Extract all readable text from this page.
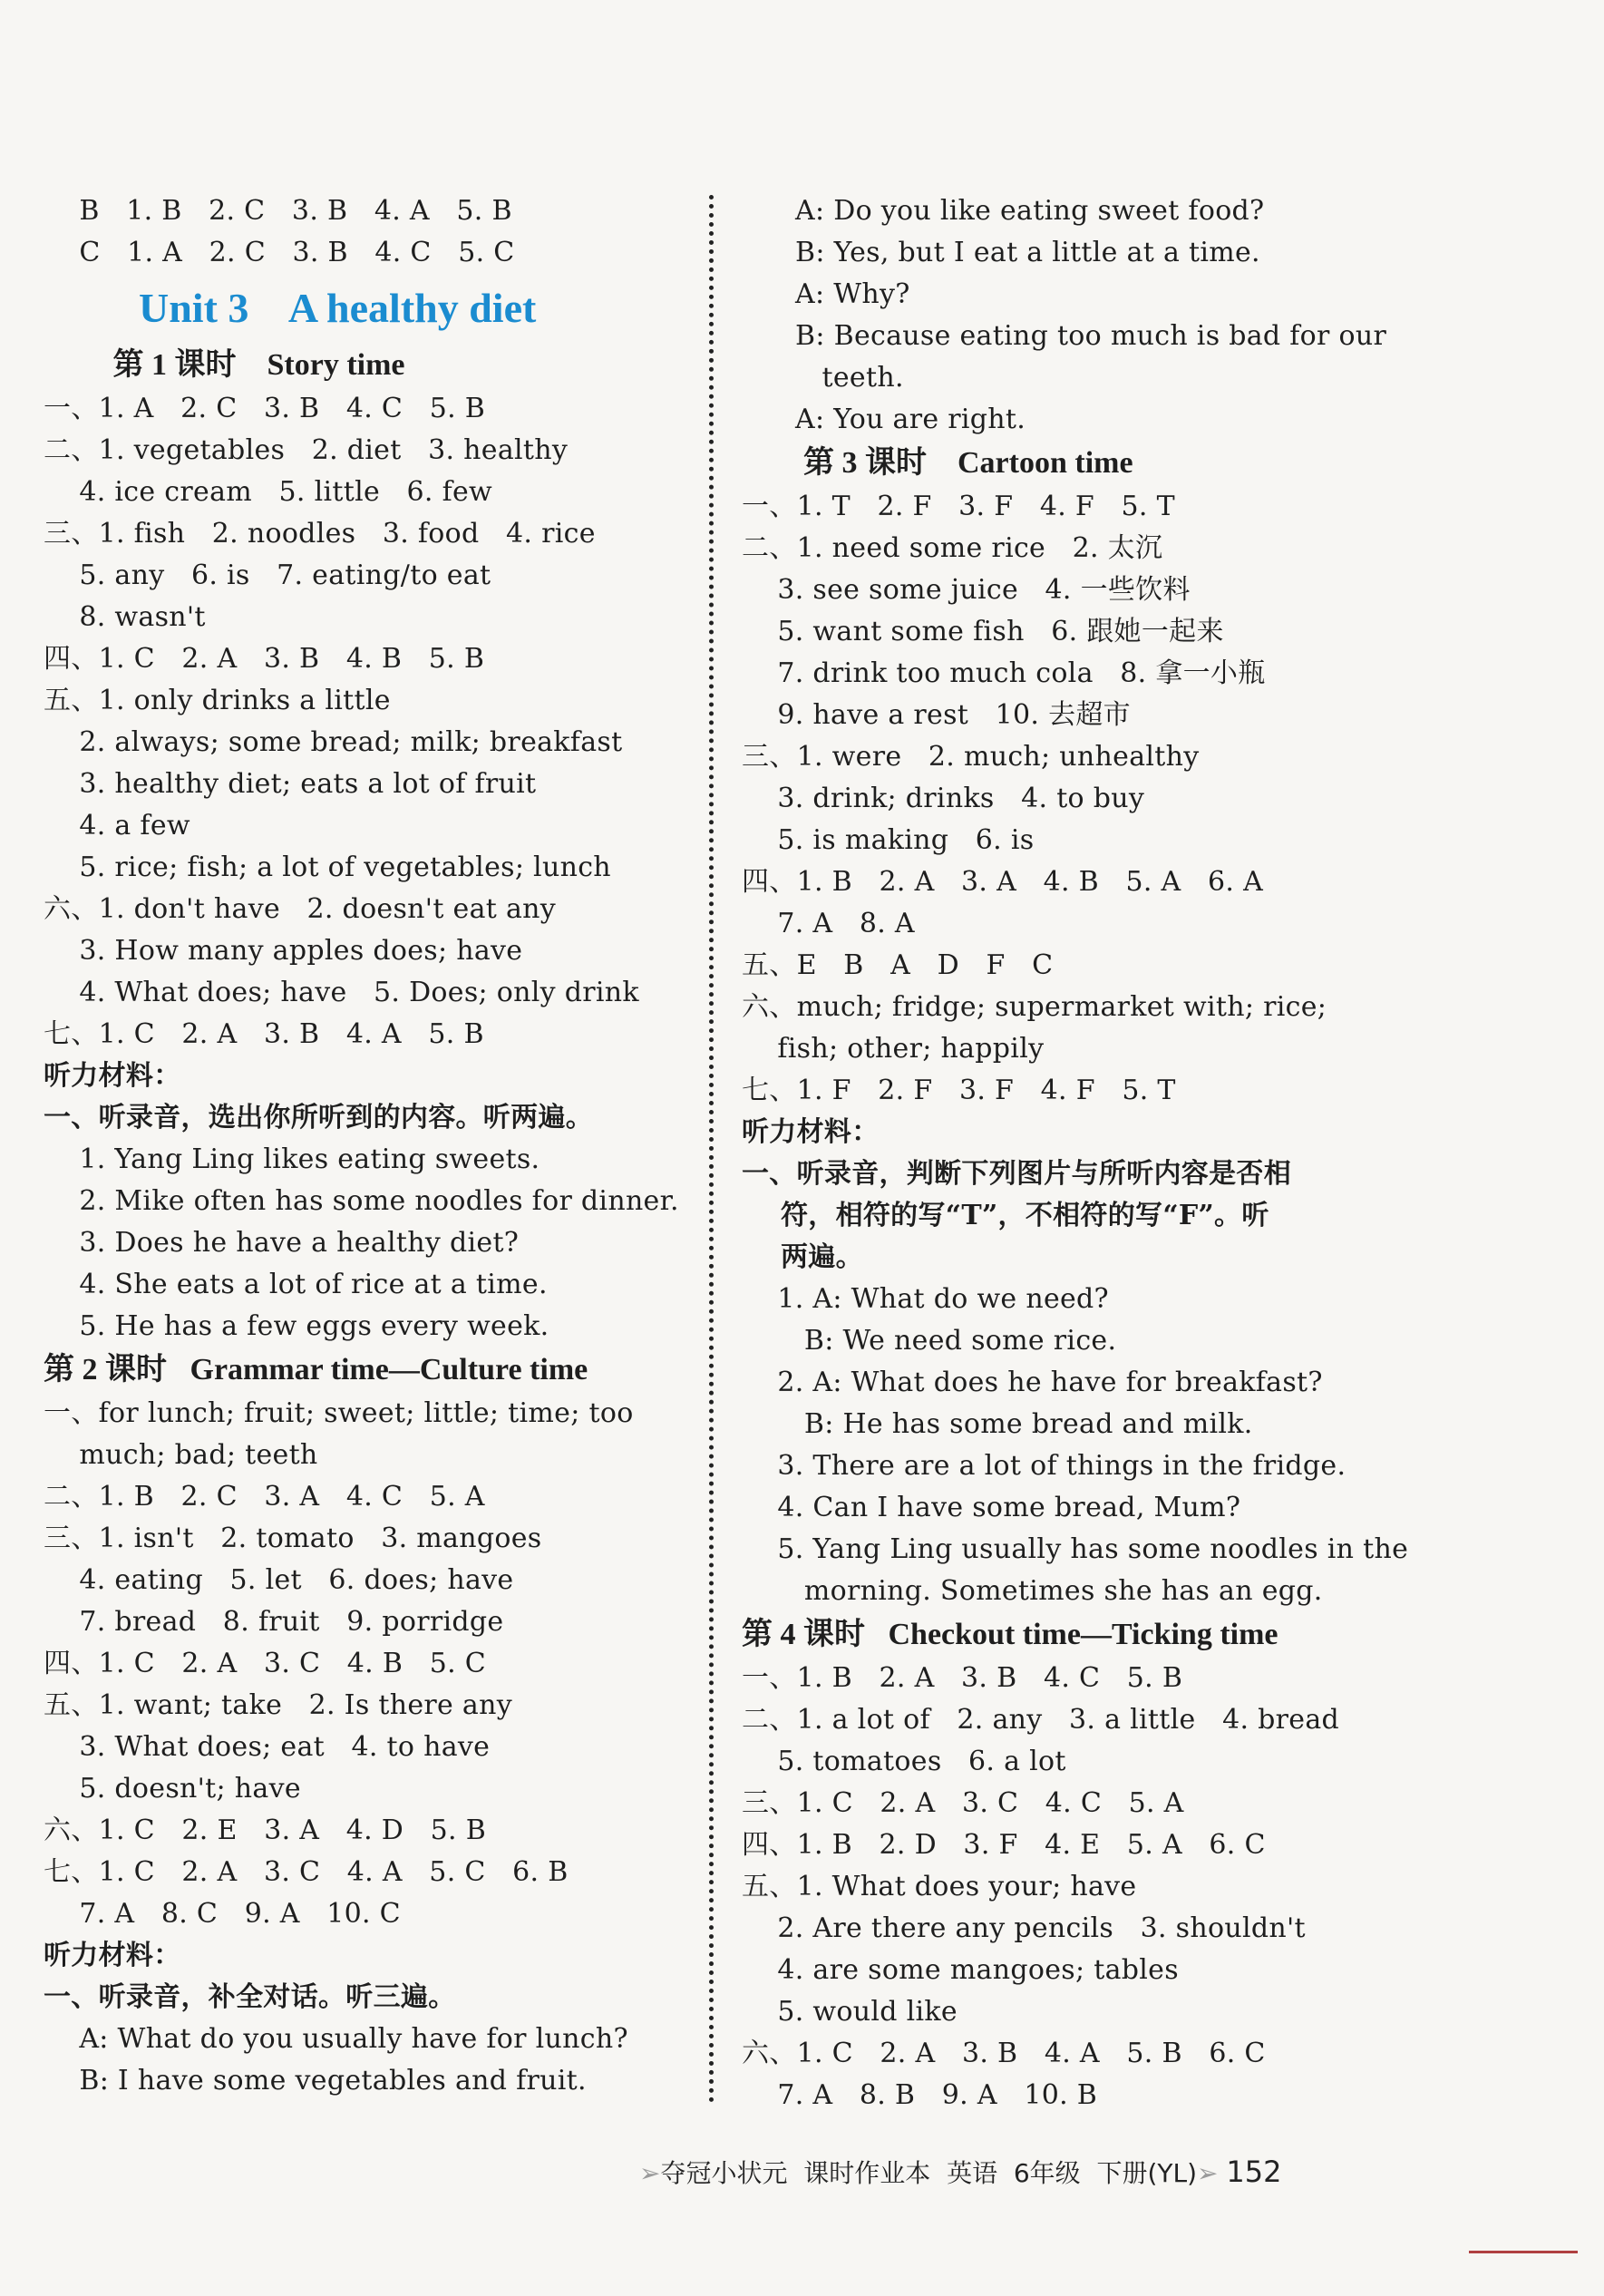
B   1. B   2. C   3. B   4. A   5. B
C   1. A   2. C   3. B   4. C   5. C
Unit 3    A healthy diet
第 1 课时    Story time
一、1. A   2. C   3. B   4. C   5. B
二、1. vegetables   2. diet   3. healthy
4. ice cream   5. little   6. few
三、1. fish   2. noodles   3. food   4. rice
5. any   6. is   7. eating/to eat
8. wasn't
四、1. C   2. A   3. B   4. B   5. B
五、1. only drinks a little
2. always; some bread; milk; breakfast
3. healthy diet; eats a lot of fruit
4. a few
5. rice; fish; a lot of vegetables; lunch
六、1. don't have   2. doesn't eat any
3. How many apples does; have
4. What does; have   5. Does; only drink
七、1. C   2. A   3. B   4. A   5. B
听力材料：
一、听录音，选出你所听到的内容。听两遍。
1. Yang Ling likes eating sweets.
2. Mike often has some noodles for dinner.
3. Does he have a healthy diet?
4. She eats a lot of rice at a time.
5. He has a few eggs every week.
第 2 课时   Grammar time—Culture time
一、for lunch; fruit; sweet; little; time; too
much; bad; teeth
二、1. B   2. C   3. A   4. C   5. A
三、1. isn't   2. tomato   3. mangoes
4. eating   5. let   6. does; have
7. bread   8. fruit   9. porridge
四、1. C   2. A   3. C   4. B   5. C
五、1. want; take   2. Is there any
3. What does; eat   4. to have
5. doesn't; have
六、1. C   2. E   3. A   4. D   5. B
七、1. C   2. A   3. C   4. A   5. C   6. B
7. A   8. C   9. A   10. C
听力材料：
一、听录音，补全对话。听三遍。
A: What do you usually have for lunch?
B: I have some vegetables and fruit.
A: Do you like eating sweet food?
B: Yes, but I eat a little at a time.
A: Why?
B: Because eating too much is bad for our
teeth.
A: You are right.
第 3 课时    Cartoon time
一、1. T   2. F   3. F   4. F   5. T
二、1. need some rice   2. 太沉
3. see some juice   4. 一些饮料
5. want some fish   6. 跟她一起来
7. drink too much cola   8. 拿一小瓶
9. have a rest   10. 去超市
三、1. were   2. much; unhealthy
3. drink; drinks   4. to buy
5. is making   6. is
四、1. B   2. A   3. A   4. B   5. A   6. A
7. A   8. A
五、E   B   A   D   F   C
六、much; fridge; supermarket with; rice;
fish; other; happily
七、1. F   2. F   3. F   4. F   5. T
听力材料：
一、听录音，判断下列图片与所听内容是否相
符，相符的写“T”，不相符的写“F”。听
两遍。
1. A: What do we need?
B: We need some rice.
2. A: What does he have for breakfast?
B: He has some bread and milk.
3. There are a lot of things in the fridge.
4. Can I have some bread, Mum?
5. Yang Ling usually has some noodles in the
morning. Sometimes she has an egg.
第 4 课时   Checkout time—Ticking time
一、1. B   2. A   3. B   4. C   5. B
二、1. a lot of   2. any   3. a little   4. bread
5. tomatoes   6. a lot
三、1. C   2. A   3. C   4. C   5. A
四、1. B   2. D   3. F   4. E   5. A   6. C
五、1. What does your; have
2. Are there any pencils   3. shouldn't
4. are some mangoes; tables
5. would like
六、1. C   2. A   3. B   4. A   5. B   6. C
7. A   8. B   9. A   10. B
➢夺冠小状元  课时作业本  英语  6年级  下册(YL)➢ 152
